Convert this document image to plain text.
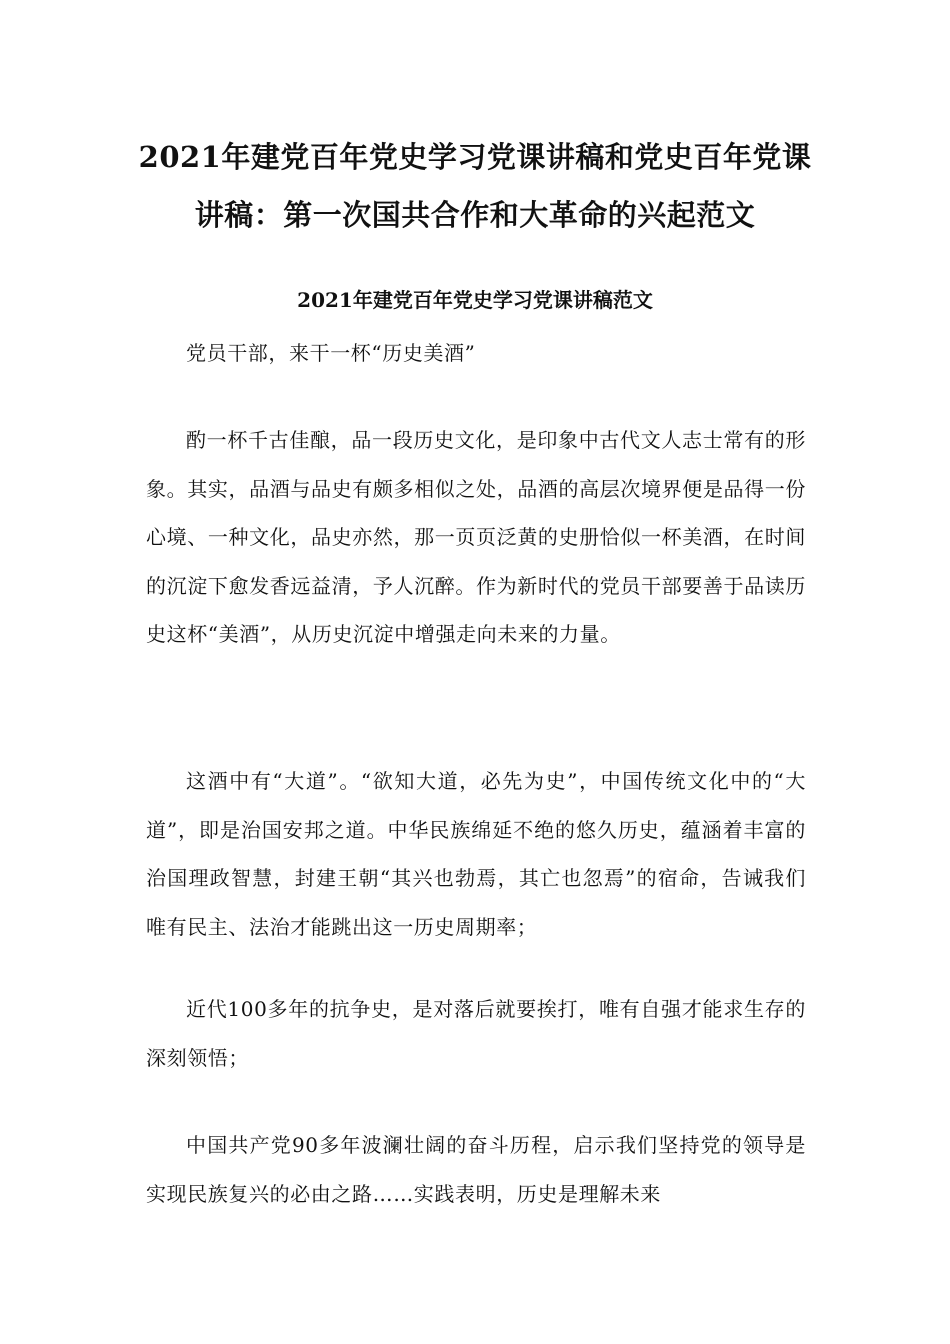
2021年建党百年党史学习党课讲稿和党史百年党课讲稿：第一次国共合作和大革命的兴起范文
2021年建党百年党史学习党课讲稿范文

党员干部，来干一杯“历史美酒”

酌一杯千古佳酿，品一段历史文化，是印象中古代文人志士常有的形象。其实，品酒与品史有颇多相似之处，品酒的高层次境界便是品得一份心境、一种文化，品史亦然，那一页页泛黄的史册恰似一杯美酒，在时间的沉淀下愈发香远益清，予人沉醉。作为新时代的党员干部要善于品读历史这杯“美酒”，从历史沉淀中增强走向未来的力量。

这酒中有“大道”。“欲知大道，必先为史”，中国传统文化中的“大道”，即是治国安邦之道。中华民族绵延不绝的悠久历史，蕴涵着丰富的治国理政智慧，封建王朝“其兴也勃焉，其亡也忽焉”的宿命，告诫我们唯有民主、法治才能跳出这一历史周期率；

近代100多年的抗争史，是对落后就要挨打，唯有自强才能求生存的深刻领悟；

中国共产党90多年波澜壮阔的奋斗历程，启示我们坚持党的领导是实现民族复兴的必由之路……实践表明，历史是理解未来
